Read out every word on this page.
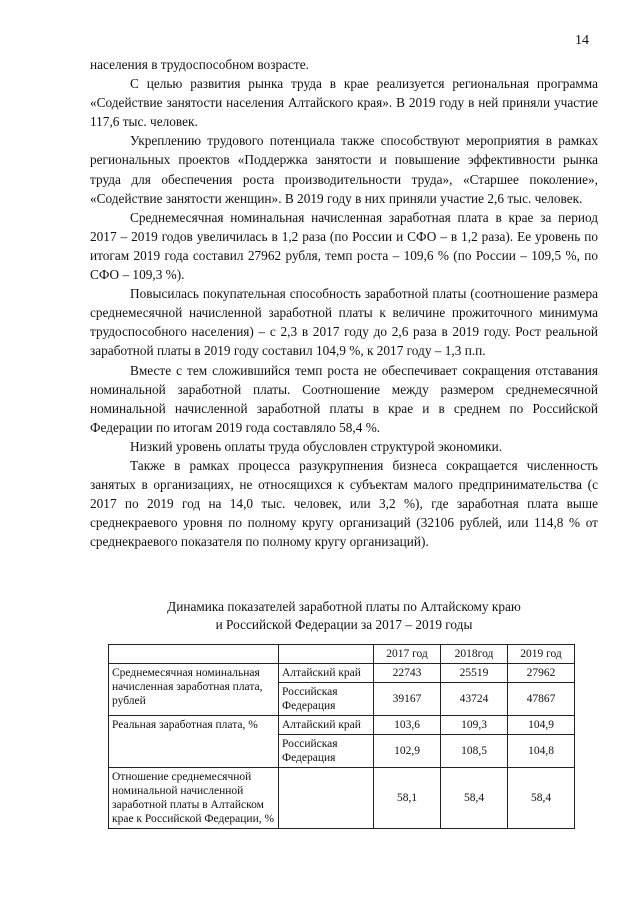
14

населения в трудоспособном возрасте.

С целью развития рынка труда в крае реализуется региональная программа «Содействие занятости населения Алтайского края». В 2019 году в ней приняли участие 117,6 тыс. человек.

Укреплению трудового потенциала также способствуют мероприятия в рамках региональных проектов «Поддержка занятости и повышение эффективности рынка труда для обеспечения роста производительности труда», «Старшее поколение», «Содействие занятости женщин». В 2019 году в них приняли участие 2,6 тыс. человек.

Среднемесячная номинальная начисленная заработная плата в крае за период 2017 – 2019 годов увеличилась в 1,2 раза (по России и СФО – в 1,2 раза). Ее уровень по итогам 2019 года составил 27962 рубля, темп роста – 109,6 % (по России – 109,5 %, по СФО – 109,3 %).

Повысилась покупательная способность заработной платы (соотношение размера среднемесячной начисленной заработной платы к величине прожиточного минимума трудоспособного населения) – с 2,3 в 2017 году до 2,6 раза в 2019 году. Рост реальной заработной платы в 2019 году составил 104,9 %, к 2017 году – 1,3 п.п.

Вместе с тем сложившийся темп роста не обеспечивает сокращения отставания номинальной заработной платы. Соотношение между размером среднемесячной номинальной начисленной заработной платы в крае и в среднем по Российской Федерации по итогам 2019 года составляло 58,4 %.

Низкий уровень оплаты труда обусловлен структурой экономики.

Также в рамках процесса разукрупнения бизнеса сокращается численность занятых в организациях, не относящихся к субъектам малого предпринимательства (с 2017 по 2019 год на 14,0 тыс. человек, или 3,2 %), где заработная плата выше среднекраевого уровня по полному кругу организаций (32106 рублей, или 114,8 % от среднекраевого показателя по полному кругу организаций).

Динамика показателей заработной платы по Алтайскому краю
и Российской Федерации за 2017 – 2019 годы
		2017 год	2018год	2019 год
Среднемесячная номинальная начисленная заработная плата, рублей	Алтайский край	22743	25519	27962
	Российская Федерация	39167	43724	47867
Реальная заработная плата, %	Алтайский край	103,6	109,3	104,9
	Российская Федерация	102,9	108,5	104,8
Отношение среднемесячной номинальной начисленной заработной платы в Алтайском крае к Российской Федерации, %		58,1	58,4	58,4
